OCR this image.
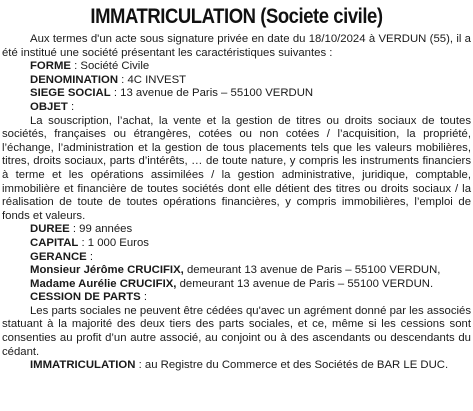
IMMATRICULATION (Societe civile)

Aux termes d'un acte sous signature privée en date du 18/10/2024 à VERDUN (55), il a été institué une société présentant les caractéristiques suivantes :

FORME : Société Civile

DENOMINATION : 4C INVEST

SIEGE SOCIAL : 13 avenue de Paris – 55100 VERDUN

OBJET :

La souscription, l’achat, la vente et la gestion de titres ou droits sociaux de toutes sociétés, françaises ou étrangères, cotées ou non cotées / l’acquisition, la propriété, l’échange, l’administration et la gestion de tous placements tels que les valeurs mobilières, titres, droits sociaux, parts d’intérêts, … de toute nature, y compris les instruments financiers à terme et les opérations assimilées / la gestion administrative, juridique, comptable, immobilière et financière de toutes sociétés dont elle détient des titres ou droits sociaux / la réalisation de toute de toutes opérations financières, y compris immobilières, l’emploi de fonds et valeurs.

DUREE : 99 années

CAPITAL : 1 000 Euros

GERANCE :

Monsieur Jérôme CRUCIFIX, demeurant 13 avenue de Paris – 55100 VERDUN,

Madame Aurélie CRUCIFIX, demeurant 13 avenue de Paris – 55100 VERDUN.

CESSION DE PARTS :

Les parts sociales ne peuvent être cédées qu'avec un agrément donné par les associés statuant à la majorité des deux tiers des parts sociales, et ce, même si les cessions sont consenties au profit d’un autre associé, au conjoint ou à des ascendants ou descendants du cédant.

IMMATRICULATION : au Registre du Commerce et des Sociétés de BAR LE DUC.
